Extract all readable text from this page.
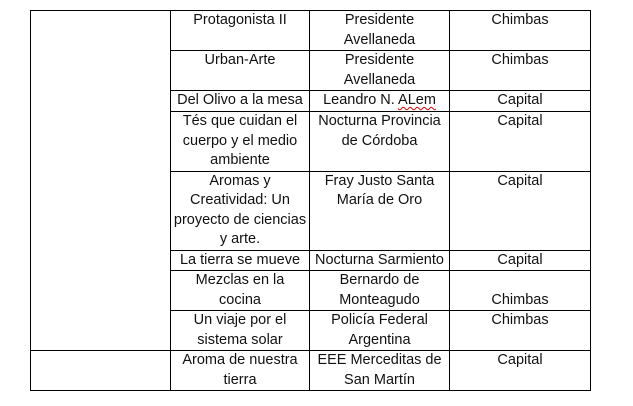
	Protagonista II	Presidente Avellaneda	Chimbas
	Urban-Arte	Presidente Avellaneda	Chimbas
	Del Olivo a la mesa	Leandro N. ALem	Capital
	Tés que cuidan el cuerpo y el medio ambiente	Nocturna Provincia de Córdoba	Capital
	Aromas y Creatividad: Un proyecto de ciencias y arte.	Fray Justo Santa María de Oro	Capital
	La tierra se mueve	Nocturna Sarmiento	Capital
	Mezclas en la cocina	Bernardo de Monteagudo	Chimbas
	Un viaje por el sistema solar	Policía Federal Argentina	Chimbas
	Aroma de nuestra tierra	EEE Merceditas de San Martín	Capital
